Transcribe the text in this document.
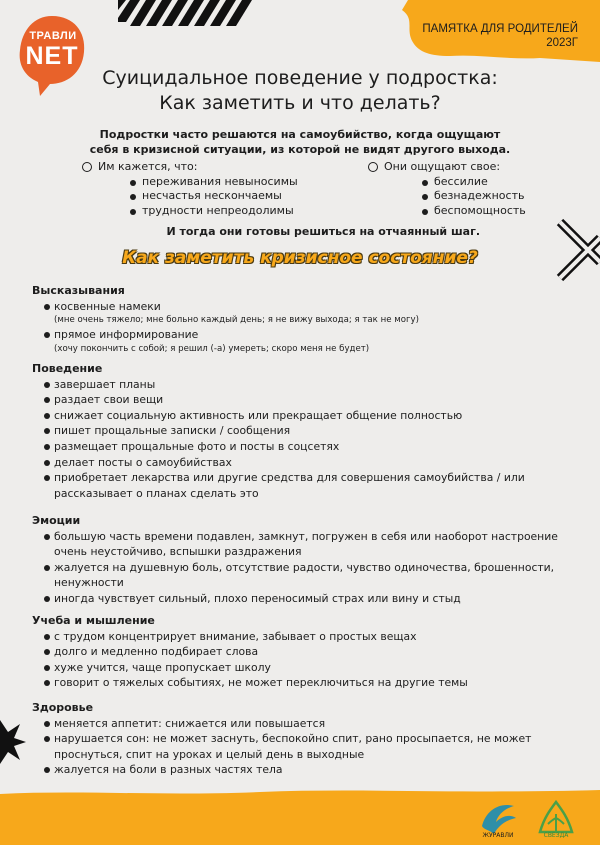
ТРАВЛИ
NET
ПАМЯТКА ДЛЯ РОДИТЕЛЕЙ
2023Г
Суицидальное поведение у подростка:
Как заметить и что делать?
Подростки часто решаются на самоубийство, когда ощущают
себя в кризисной ситуации, из которой не видят другого выхода.
Им кажется, что:
переживания невыносимы
несчастья нескончаемы
трудности непреодолимы
Они ощущают свое:
бессилие
безнадежность
беспомощность
И тогда они готовы решиться на отчаянный шаг.
Как заметить кризисное состояние?
Высказывания
косвенные намеки
(мне очень тяжело; мне больно каждый день; я не вижу выхода; я так не могу)
прямое информирование
(хочу покончить с собой; я решил (-а) умереть; скоро меня не будет)
Поведение
завершает планы
раздает свои вещи
снижает социальную активность или прекращает общение полностью
пишет прощальные записки / сообщения
размещает прощальные фото и посты в соцсетях
делает посты о самоубийствах
приобретает лекарства или другие средства для совершения самоубийства / или рассказывает о планах сделать это
Эмоции
большую часть времени подавлен, замкнут, погружен в себя или наоборот настроение очень неустойчиво, вспышки раздражения
жалуется на душевную боль, отсутствие радости, чувство одиночества, брошенности, ненужности
иногда чувствует сильный, плохо переносимый страх или вину и стыд
Учеба и мышление
с трудом концентрирует внимание, забывает о простых вещах
долго и медленно подбирает слова
хуже учится, чаще пропускает школу
говорит о тяжелых событиях, не может переключиться на другие темы
Здоровье
меняется аппетит: снижается или повышается
нарушается сон: не может заснуть, беспокойно спит, рано просыпается, не может проснуться, спит на уроках и целый день в выходные
жалуется на боли в разных частях тела
ЖУРАВЛИ	СВЕЗДА
